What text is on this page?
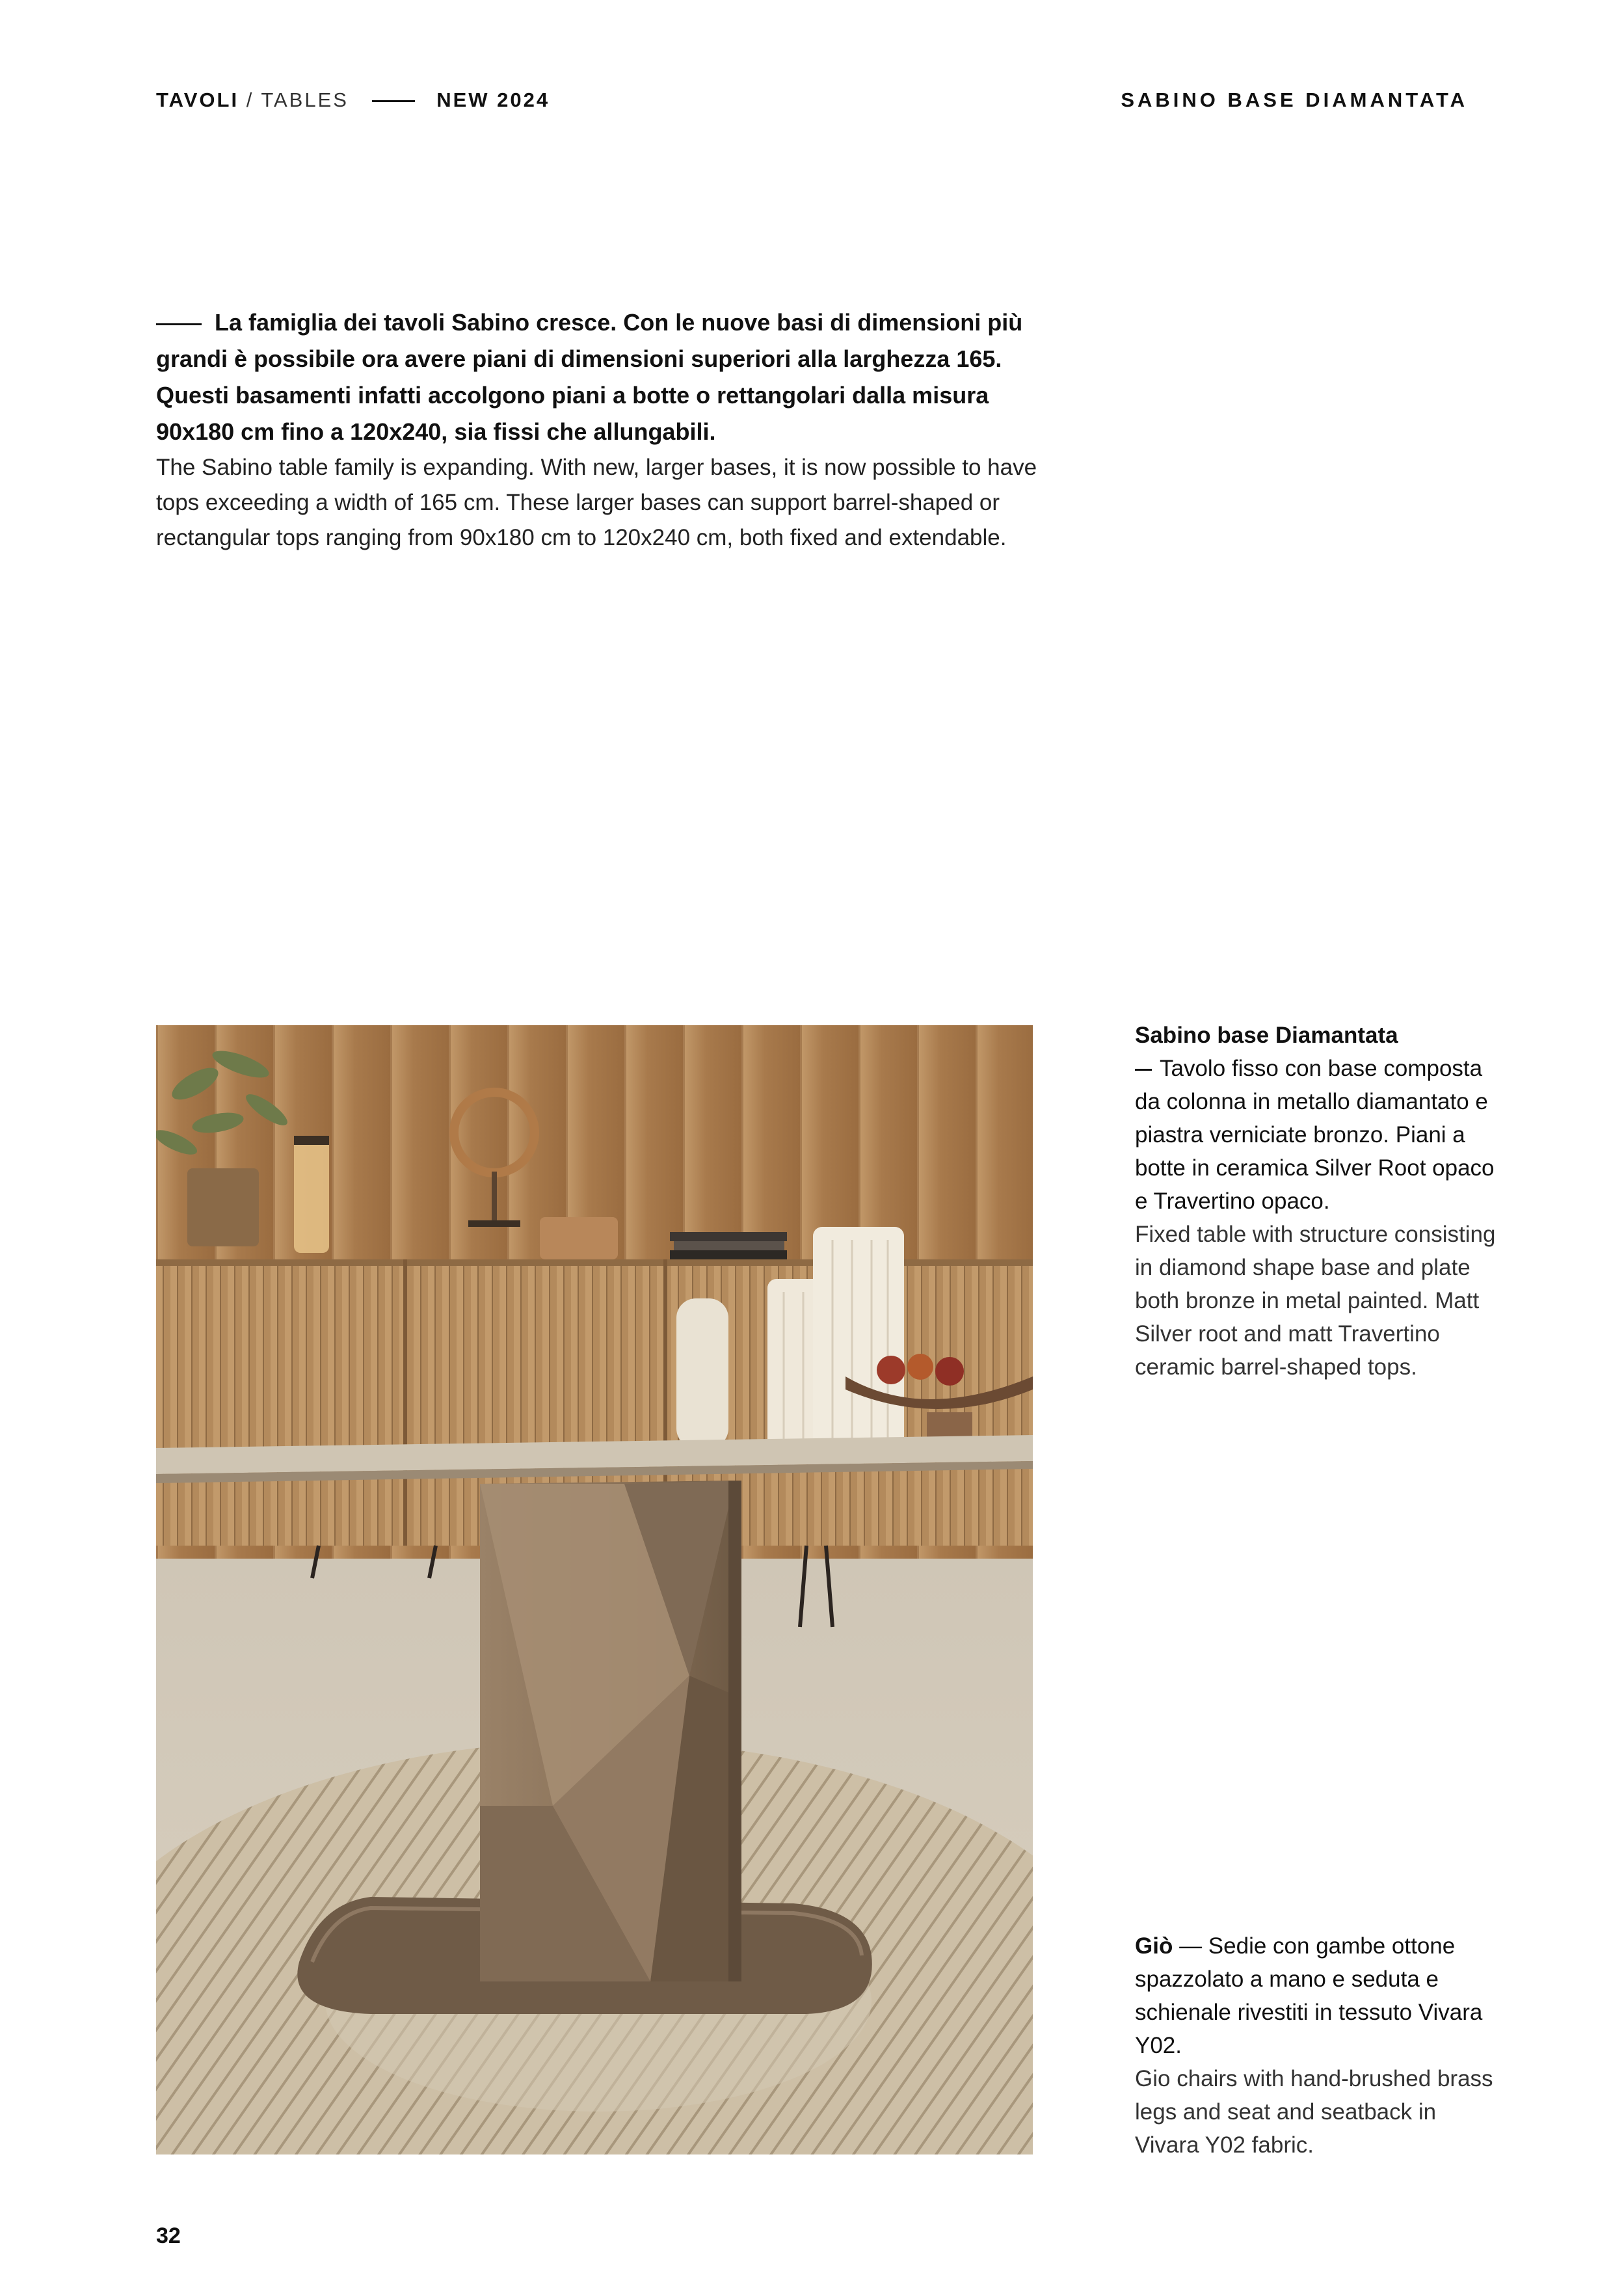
TAVOLI / TABLES	NEW 2024	SABINO BASE DIAMANTATA

La famiglia dei tavoli Sabino cresce. Con le nuove basi di dimensioni più grandi è possibile ora avere piani di dimensioni superiori alla larghezza 165. Questi basamenti infatti accolgono piani a botte o rettangolari dalla misura 90x180 cm fino a 120x240, sia fissi che allungabili.

The Sabino table family is expanding. With new, larger bases, it is now possible to have tops exceeding a width of 165 cm. These larger bases can support barrel-shaped or rectangular tops ranging from 90x180 cm to 120x240 cm, both fixed and extendable.

Sabino base Diamantata

Tavolo fisso con base composta da colonna in metallo diamantato e piastra verniciate bronzo. Piani a botte in ceramica Silver Root opaco e Travertino opaco.

Fixed table with structure consisting in diamond shape base and plate both bronze in metal painted. Matt Silver root and matt Travertino ceramic barrel-shaped tops.

Giò — Sedie con gambe ottone spazzolato a mano e seduta e schienale rivestiti in tessuto Vivara Y02.

Gio chairs with hand-brushed brass legs and seat and seatback in Vivara Y02 fabric.

32
